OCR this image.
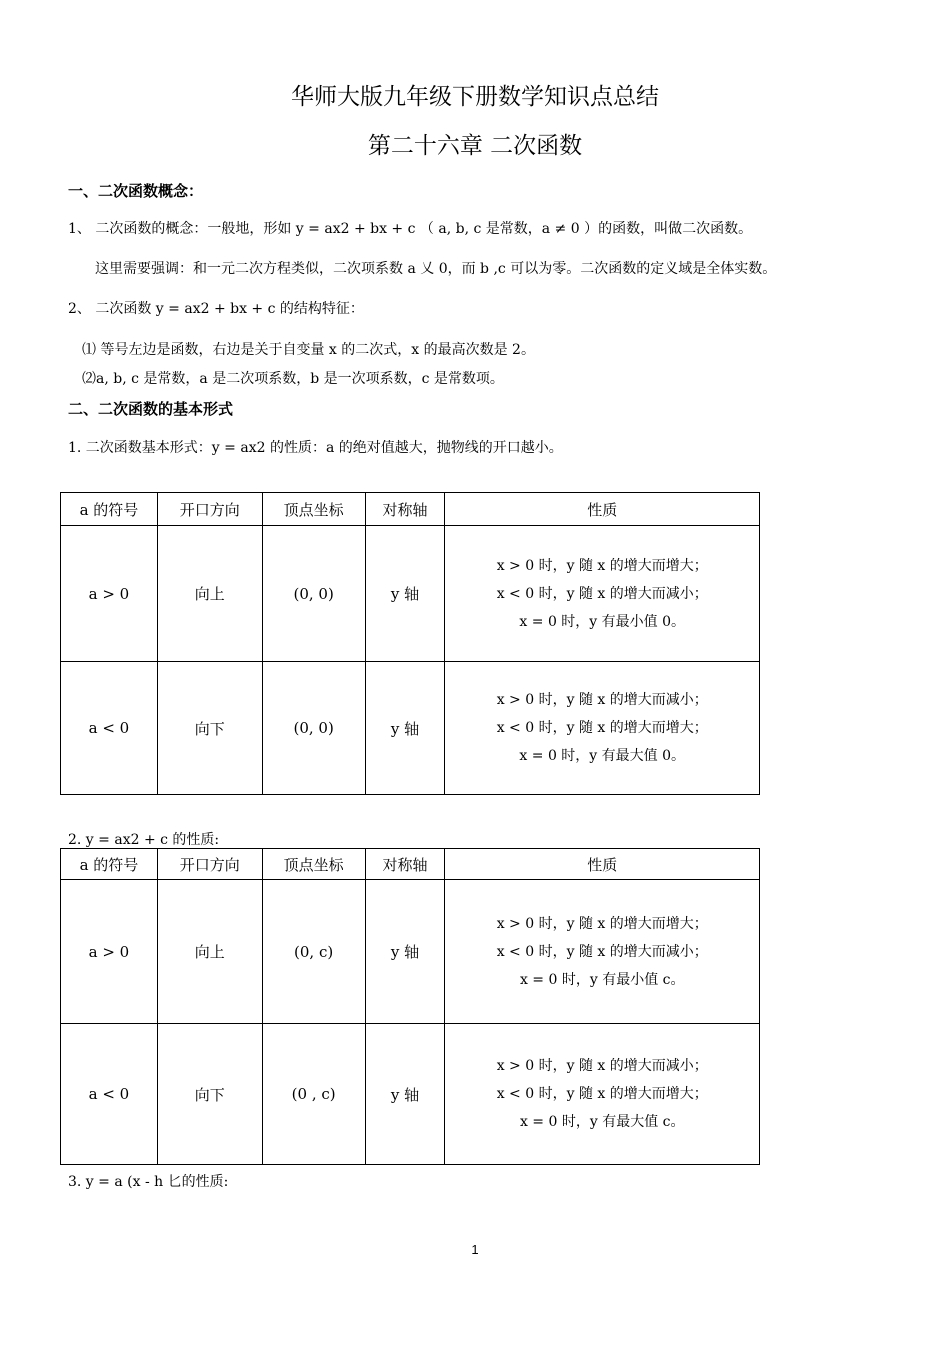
华师大版九年级下册数学知识点总结
第二十六章 二次函数
一、二次函数概念：
1、 二次函数的概念：一般地，形如 y = ax2 + bx + c （ a, b, c 是常数，a ≠ 0 ）的函数，叫做二次函数。
这里需要强调：和一元二次方程类似，二次项系数 a 乂 0，而 b ,c 可以为零。二次函数的定义域是全体实数。
2、 二次函数 y = ax2 + bx + c 的结构特征：
⑴ 等号左边是函数，右边是关于自变量 x 的二次式，x 的最高次数是 2。
⑵a, b, c 是常数，a 是二次项系数，b 是一次项系数，c 是常数项。
二、二次函数的基本形式
1. 二次函数基本形式：y = ax2 的性质：a 的绝对值越大，抛物线的开口越小。
a 的符号	开口方向	顶点坐标	对称轴	性质
a > 0	向上	(0, 0)	y 轴	x > 0 时，y 随 x 的增大而增大；
x < 0 时，y 随 x 的增大而减小；
x = 0 时，y 有最小值 0。

a < 0	向下	(0, 0)	y 轴	x > 0 时，y 随 x 的增大而减小；
x < 0 时，y 随 x 的增大而增大；
x = 0 时，y 有最大值 0。
2. y = ax2 + c 的性质:
a 的符号	开口方向	顶点坐标	对称轴	性质
a > 0	向上	(0, c)	y 轴	x > 0 时，y 随 x 的增大而增大；
x < 0 时，y 随 x 的增大而减小；
x = 0 时，y 有最小值 c。

a < 0	向下	(0 , c)	y 轴	x > 0 时，y 随 x 的增大而减小；
x < 0 时，y 随 x 的增大而增大；
x = 0 时，y 有最大值 c。
3. y = a (x - h 匕的性质:
1
